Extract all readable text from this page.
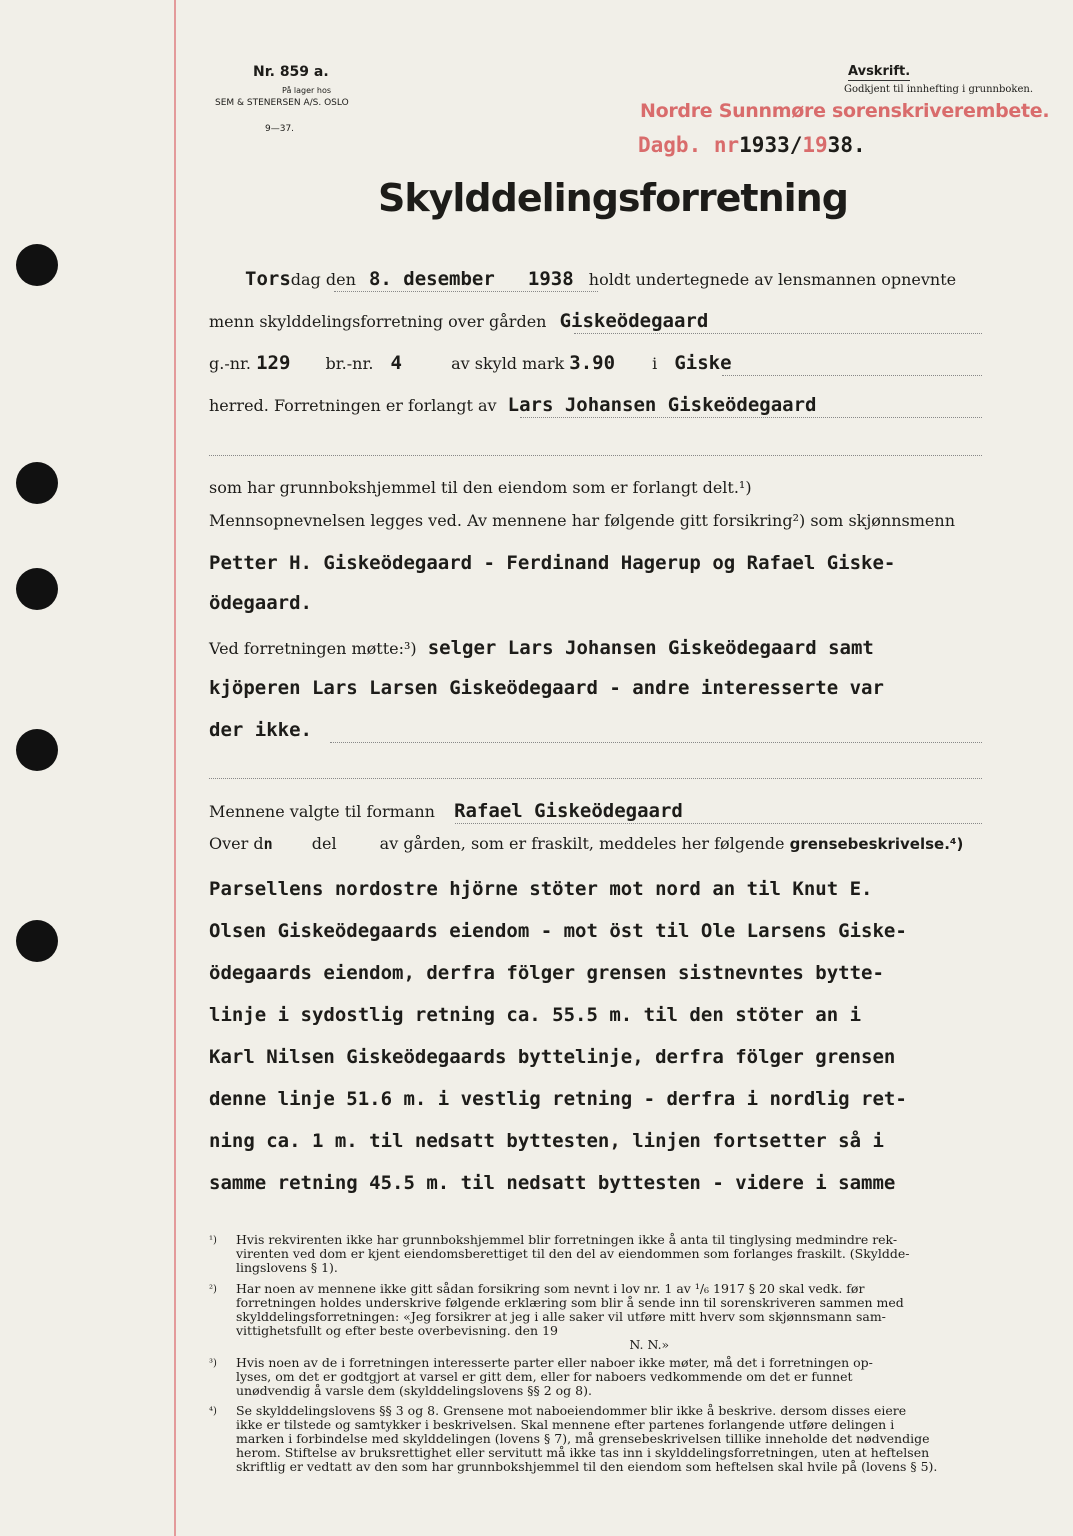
Nr. 859 a.
På lager hos
SEM & STENERSEN A/S. OSLO
9—37.
Avskrift.
Godkjent til innhefting i grunnboken.
Nordre Sunnmøre sorenskriverembete.
Dagb. nr1933/1938.
Skylddelingsforretning
Torsdag den 8. desember 1938 holdt undertegnede av lensmannen opnevnte
menn skylddelingsforretning over gården Giskeödegaard
g.-nr. 129 br.-nr. 4	av skyld mark 3.90 i Giske
herred. Forretningen er forlangt av Lars Johansen Giskeödegaard
som har grunnbokshjemmel til den eiendom som er forlangt delt.¹)
Mennsopnevnelsen legges ved. Av mennene har følgende gitt forsikring²) som skjønnsmenn
Petter H. Giskeödegaard - Ferdinand Hagerup og Rafael Giske-
ödegaard.
Ved forretningen møtte:³) selger Lars Johansen Giskeödegaard samt
kjöperen Lars Larsen Giskeödegaard - andre interesserte var
der ikke.
Mennene valgte til formann Rafael Giskeödegaard
Over dn del	av gården, som er fraskilt, meddeles her følgende grensebeskrivelse.⁴)
Parsellens nordostre hjörne stöter mot nord an til Knut E.
Olsen Giskeödegaards eiendom - mot öst til Ole Larsens Giske-
ödegaards eiendom, derfra fölger grensen sistnevntes bytte-
linje i sydostlig retning ca. 55.5 m. til den stöter an i
Karl Nilsen Giskeödegaards byttelinje, derfra fölger grensen
denne linje 51.6 m. i vestlig retning - derfra i nordlig ret-
ning ca. 1 m. til nedsatt byttesten, linjen fortsetter så i
samme retning 45.5 m. til nedsatt byttesten - videre i samme
¹) Hvis rekvirenten ikke har grunnbokshjemmel blir forretningen ikke å anta til tinglysing medmindre rek-
virenten ved dom er kjent eiendomsberettiget til den del av eiendommen som forlanges fraskilt. (Skyldde-
lingslovens § 1).
²) Har noen av mennene ikke gitt sådan forsikring som nevnt i lov nr. 1 av ¹/₆ 1917 § 20 skal vedk. før
forretningen holdes underskrive følgende erklæring som blir å sende inn til sorenskriveren sammen med
skylddelingsforretningen: «Jeg forsikrer at jeg i alle saker vil utføre mitt hverv som skjønnsmann sam-
vittighetsfullt og efter beste overbevisning. den 19
N. N.»
³) Hvis noen av de i forretningen interesserte parter eller naboer ikke møter, må det i forretningen op-
lyses, om det er godtgjort at varsel er gitt dem, eller for naboers vedkommende om det er funnet
unødvendig å varsle dem (skylddelingslovens §§ 2 og 8).
⁴) Se skylddelingslovens §§ 3 og 8. Grensene mot naboeiendommer blir ikke å beskrive. dersom disses eiere
ikke er tilstede og samtykker i beskrivelsen. Skal mennene efter partenes forlangende utføre delingen i
marken i forbindelse med skylddelingen (lovens § 7), må grensebeskrivelsen tillike inneholde det nødvendige
herom. Stiftelse av bruksrettighet eller servitutt må ikke tas inn i skylddelingsforretningen, uten at heftelsen
skriftlig er vedtatt av den som har grunnbokshjemmel til den eiendom som heftelsen skal hvile på (lovens § 5).
